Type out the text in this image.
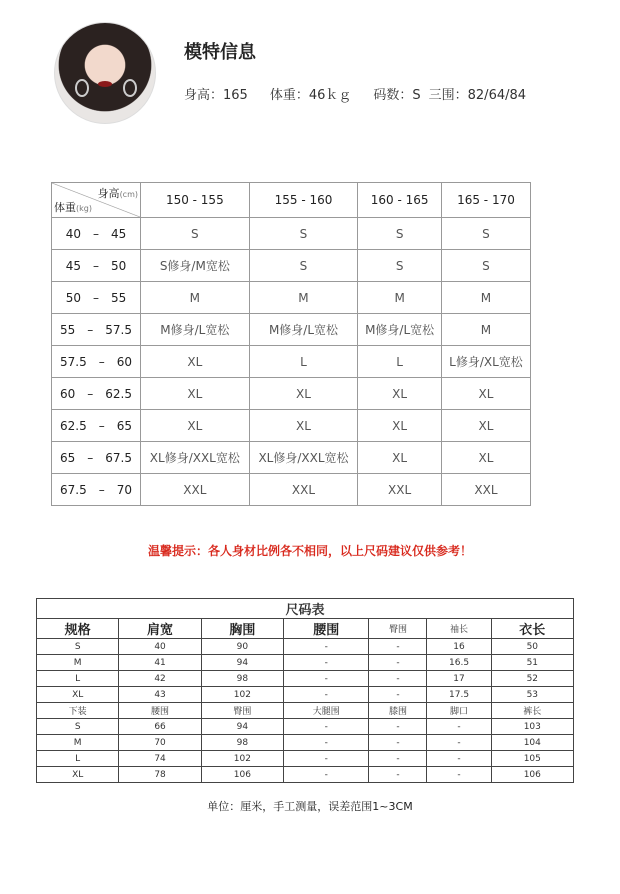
模特信息
身高：165 体重：46ｋｇ 码数：S 三围：82/64/84
身高(cm)
体重(kg)	150 - 155	155 - 160	160 - 165	165 - 170
40　–　45	S	S	S	S
45　–　50	S修身/M宽松	S	S	S
50　–　55	M	M	M	M
55　–　57.5	M修身/L宽松	M修身/L宽松	M修身/L宽松	M
57.5　–　60	XL	L	L	L修身/XL宽松
60　–　62.5	XL	XL	XL	XL
62.5　–　65	XL	XL	XL	XL
65　–　67.5	XL修身/XXL宽松	XL修身/XXL宽松	XL	XL
67.5　–　70	XXL	XXL	XXL	XXL
温馨提示：各人身材比例各不相同，以上尺码建议仅供参考！
尺码表						
规格	肩宽	胸围	腰围	臀围	袖长	衣长
S	40	90	-	-	16	50
M	41	94	-	-	16.5	51
L	42	98	-	-	17	52
XL	43	102	-	-	17.5	53
下装	腰围	臀围	大腿围	膝围	脚口	裤长
S	66	94	-	-	-	103
M	70	98	-	-	-	104
L	74	102	-	-	-	105
XL	78	106	-	-	-	106
单位：厘米，手工测量，误差范围1~3CM
